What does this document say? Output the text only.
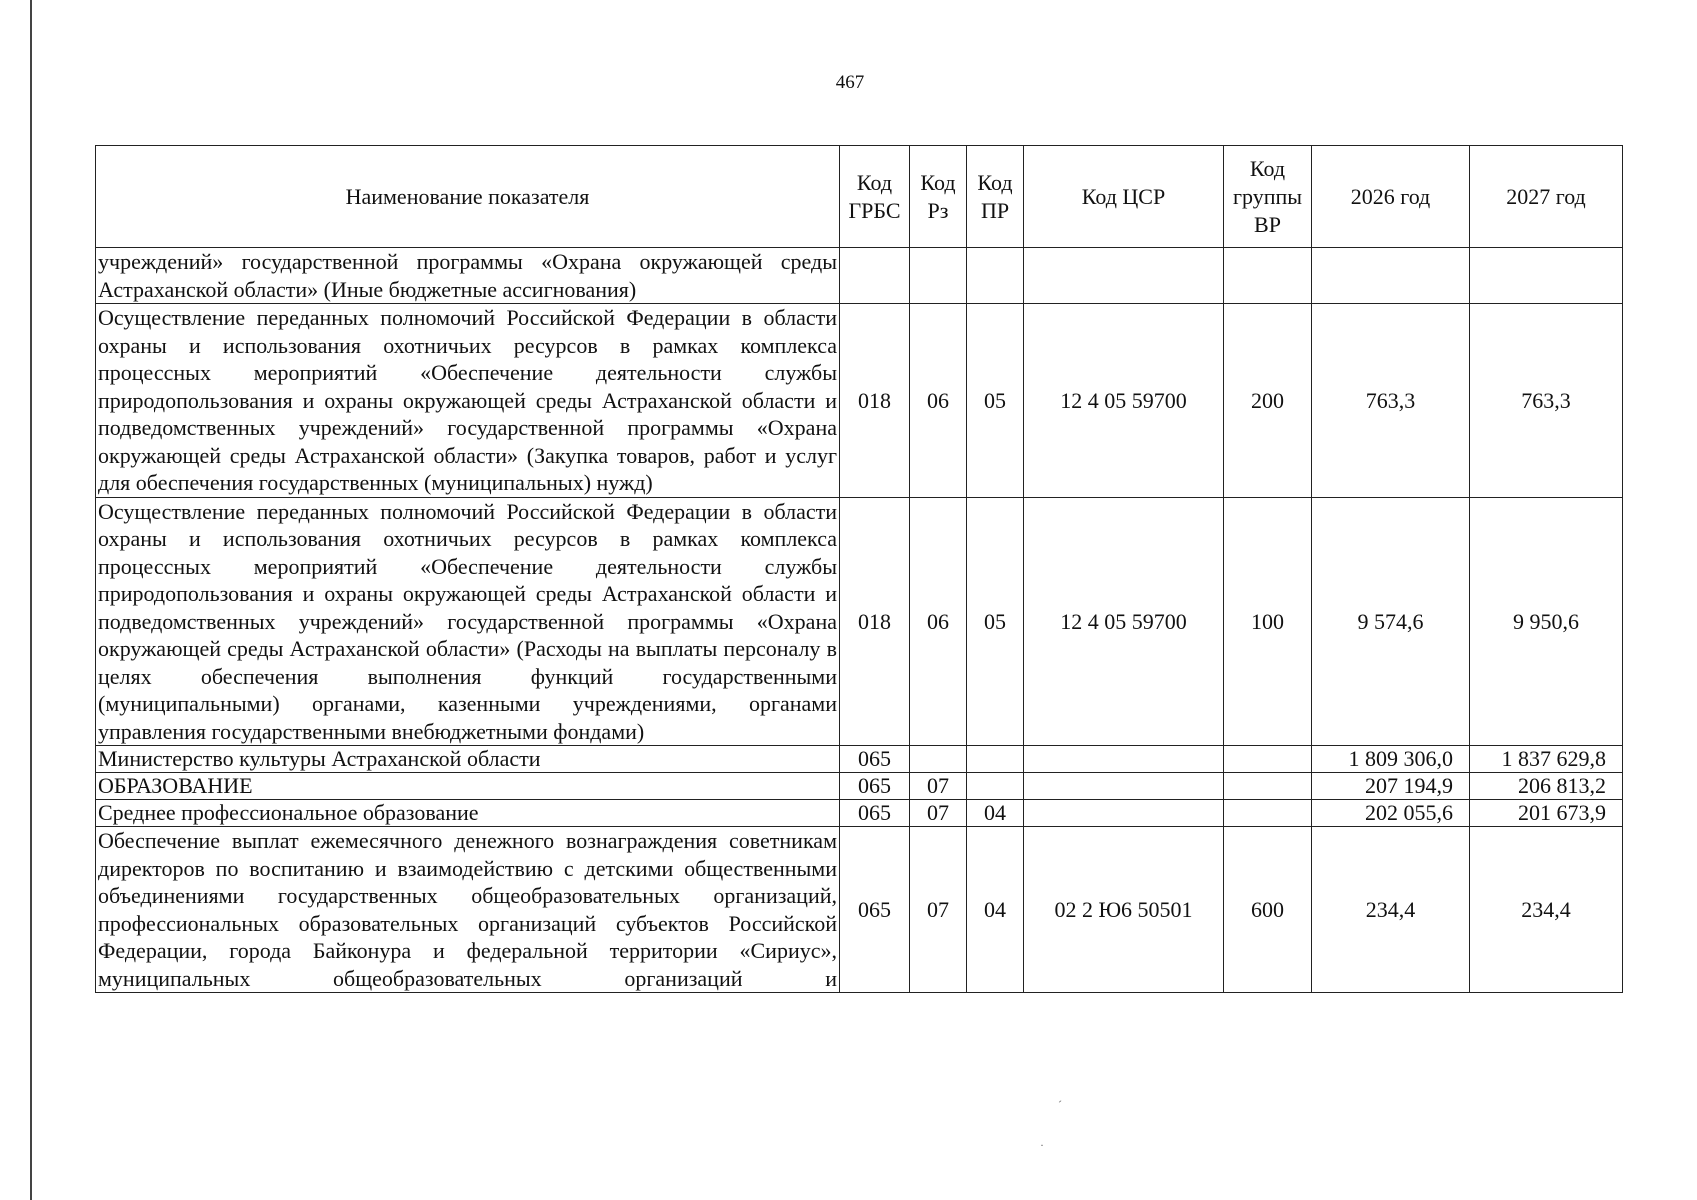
467
Наименование показателя	Код ГРБС	Код Рз	Код ПР	Код ЦСР	Код группы ВР	2026 год	2027 год
учреждений» государственной программы «Охрана окружающей среды Астраханской области» (Иные бюджетные ассигнования)							
Осуществление переданных полномочий Российской Федерации в области охраны и использования охотничьих ресурсов в рамках комплекса процессных мероприятий «Обеспечение деятельности службы природопользования и охраны окружающей среды Астраханской области и подведомственных учреждений» государственной программы «Охрана окружающей среды Астраханской области» (Закупка товаров, работ и услуг для обеспечения государственных (муниципальных) нужд)	018	06	05	12 4 05 59700	200	763,3	763,3
Осуществление переданных полномочий Российской Федерации в области охраны и использования охотничьих ресурсов в рамках комплекса процессных мероприятий «Обеспечение деятельности службы природопользования и охраны окружающей среды Астраханской области и подведомственных учреждений» государственной программы «Охрана окружающей среды Астраханской области» (Расходы на выплаты персоналу в целях обеспечения выполнения функций государственными (муниципальными) органами, казенными учреждениями, органами управления государственными внебюджетными фондами)	018	06	05	12 4 05 59700	100	9 574,6	9 950,6
Министерство культуры Астраханской области	065					1 809 306,0	1 837 629,8
ОБРАЗОВАНИЕ	065	07				207 194,9	206 813,2
Среднее профессиональное образование	065	07	04			202 055,6	201 673,9
Обеспечение выплат ежемесячного денежного вознаграждения советникам директоров по воспитанию и взаимодействию с детскими общественными объединениями государственных общеобразовательных организаций, профессиональных образовательных организаций субъектов Российской Федерации, города Байконура и федеральной территории «Сириус», муниципальных общеобразовательных организаций и	065	07	04	02 2 Ю6 50501	600	234,4	234,4
´
·
